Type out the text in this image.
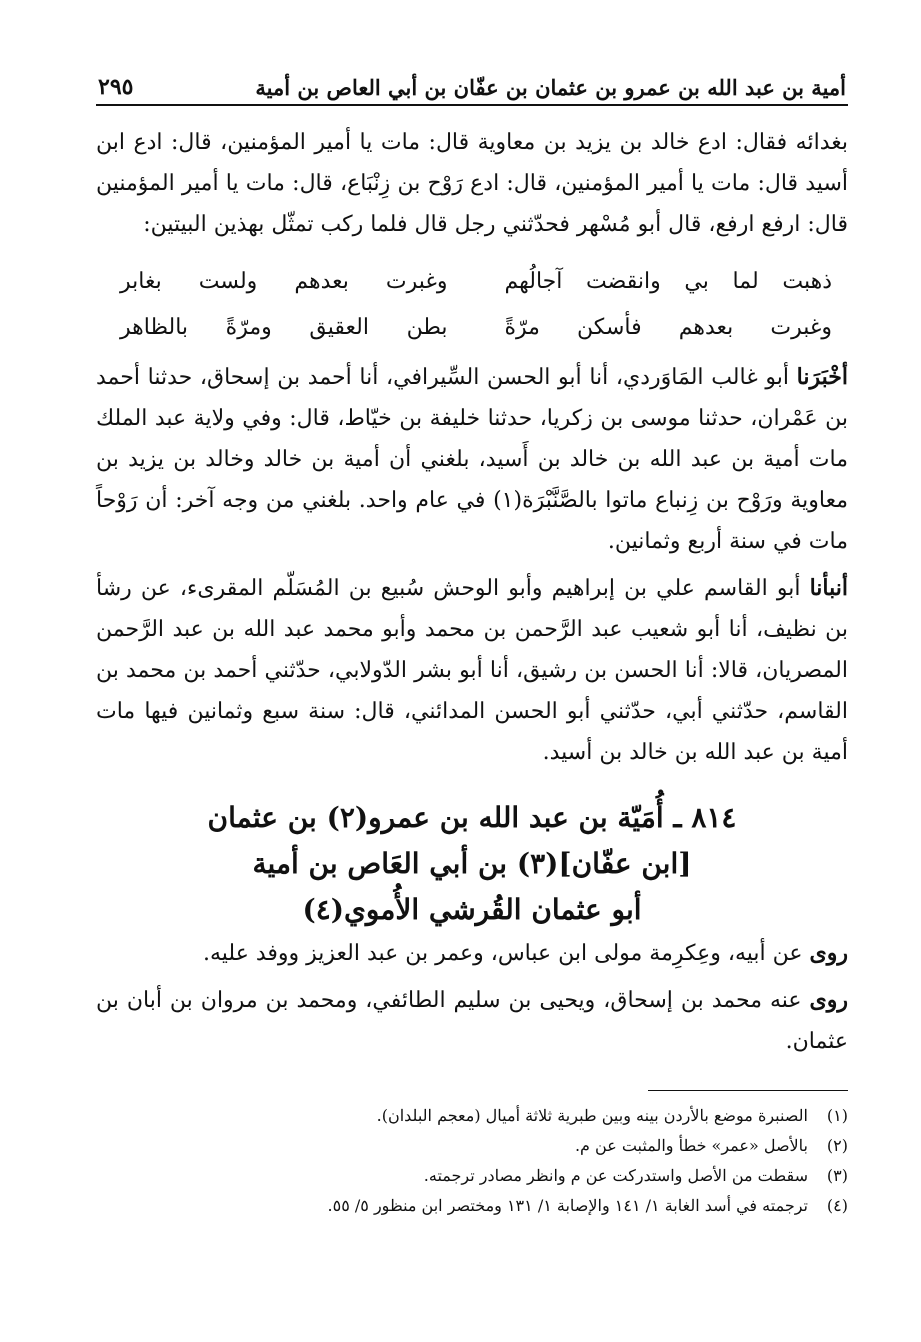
أمية بن عبد الله بن عمرو بن عثمان بن عفّان بن أبي العاص بن أمية
٢٩٥

بغدائه فقال: ادع خالد بن يزيد بن معاوية قال: مات يا أمير المؤمنين، قال: ادع ابن أسيد قال: مات يا أمير المؤمنين، قال: ادع رَوْح بن زِنْبَاع، قال: مات يا أمير المؤمنين قال: ارفع ارفع، قال أبو مُسْهر فحدّثني رجل قال فلما ركب تمثّل بهذين البيتين:

ذهبت لما بي وانقضت آجالُهم
وغبرت بعدهم ولست بغابر
وغبرت بعدهم فأسكن مرّةً
بطن العقيق ومرّةً بالظاهر

أخْبَرَنا أبو غالب المَاوَردي، أنا أبو الحسن السِّيرافي، أنا أحمد بن إسحاق، حدثنا أحمد بن عَمْران، حدثنا موسى بن زكريا، حدثنا خليفة بن خيّاط، قال: وفي ولاية عبد الملك مات أمية بن عبد الله بن خالد بن أَسيد، بلغني أن أمية بن خالد وخالد بن يزيد بن معاوية ورَوْح بن زِنباع ماتوا بالصَّنَّبْرَة(١) في عام واحد. بلغني من وجه آخر: أن رَوْحاً مات في سنة أربع وثمانين.

أنبأنا أبو القاسم علي بن إبراهيم وأبو الوحش سُبيع بن المُسَلّم المقرىء، عن رشأ بن نظيف، أنا أبو شعيب عبد الرَّحمن بن محمد وأبو محمد عبد الله بن عبد الرَّحمن المصريان، قالا: أنا الحسن بن رشيق، أنا أبو بشر الدّولابي، حدّثني أحمد بن محمد بن القاسم، حدّثني أبي، حدّثني أبو الحسن المدائني، قال: سنة سبع وثمانين فيها مات أمية بن عبد الله بن خالد بن أسيد.

٨١٤ ـ أُمَيّة بن عبد الله بن عمرو(٢) بن عثمان
[ابن عفّان](٣) بن أبي العَاص بن أمية
أبو عثمان القُرشي الأُموي(٤)

روى عن أبيه، وعِكرِمة مولى ابن عباس، وعمر بن عبد العزيز ووفد عليه.

روى عنه محمد بن إسحاق، ويحيى بن سليم الطائفي، ومحمد بن مروان بن أبان بن عثمان.

(١)
الصنبرة موضع بالأردن بينه وبين طبرية ثلاثة أميال (معجم البلدان).
(٢)
بالأصل «عمر» خطأ والمثبت عن م.
(٣)
سقطت من الأصل واستدركت عن م وانظر مصادر ترجمته.
(٤)
ترجمته في أسد الغابة ١/ ١٤١ والإصابة ١/ ١٣١ ومختصر ابن منظور ٥/ ٥٥.
